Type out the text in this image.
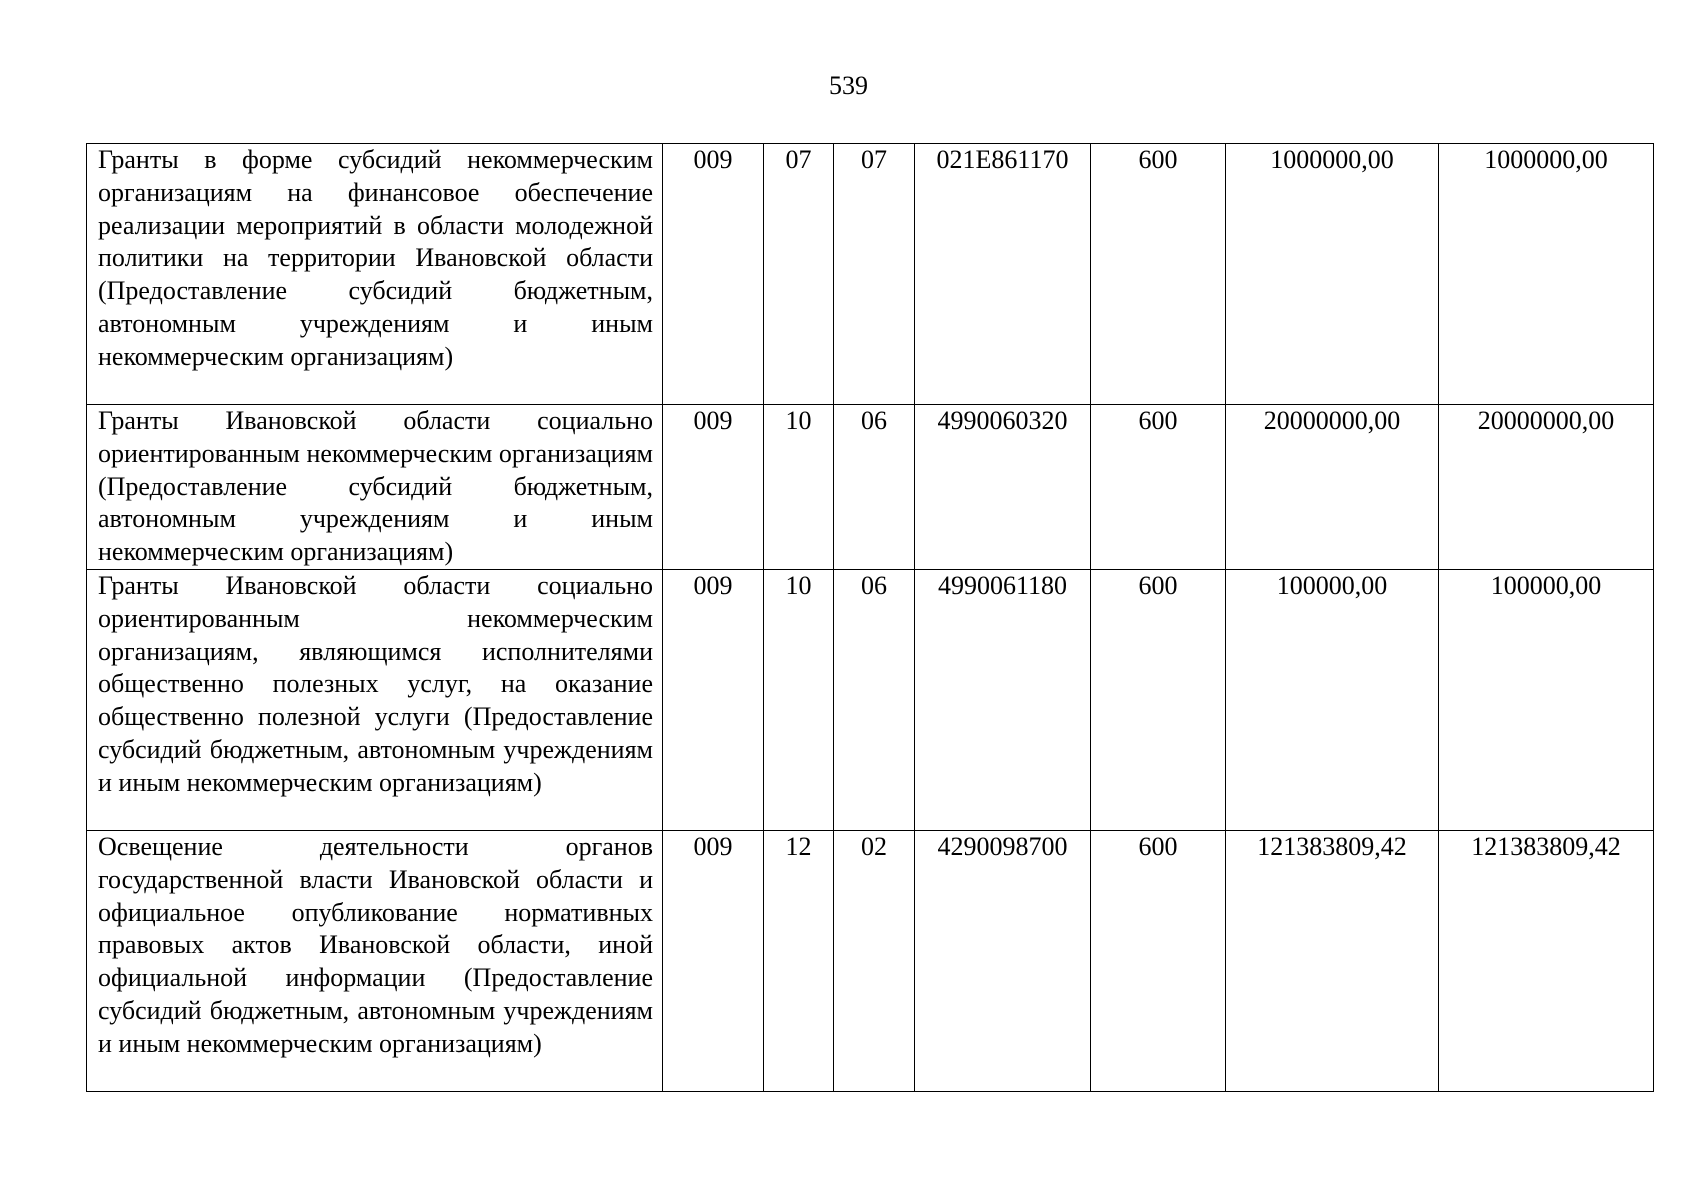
539
Гранты в форме субсидий некоммерческим организациям на финансовое обеспечение реализации мероприятий в области молодежной политики на территории Ивановской области (Предоставление субсидий бюджетным, автономным учреждениям и иным некоммерческим организациям)	009	07	07	021E861170	600	1000000,00	1000000,00
Гранты Ивановской области социально ориентированным некоммерческим организациям (Предоставление субсидий бюджетным, автономным учреждениям и иным некоммерческим организациям)	009	10	06	4990060320	600	20000000,00	20000000,00
Гранты Ивановской области социально ориентированным некоммерческим организациям, являющимся исполнителями общественно полезных услуг, на оказание общественно полезной услуги (Предоставление субсидий бюджетным, автономным учреждениям и иным некоммерческим организациям)	009	10	06	4990061180	600	100000,00	100000,00
Освещение деятельности органов государственной власти Ивановской области и официальное опубликование нормативных правовых актов Ивановской области, иной официальной информации (Предоставление субсидий бюджетным, автономным учреждениям и иным некоммерческим организациям)	009	12	02	4290098700	600	121383809,42	121383809,42
